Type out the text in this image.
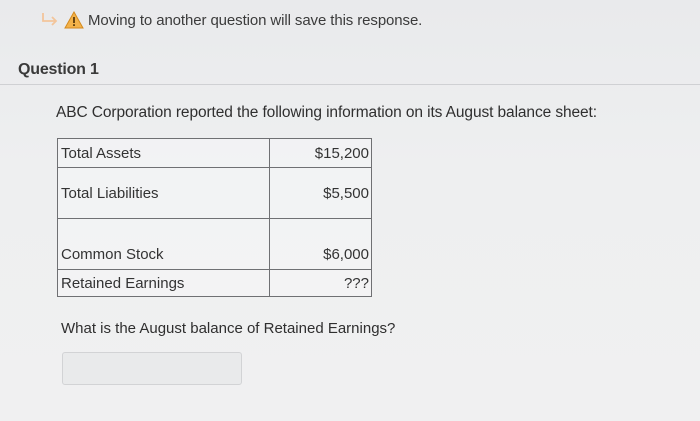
Moving to another question will save this response.
Question 1
ABC Corporation reported the following information on its August balance sheet:
Total Assets	$15,200
Total Liabilities	$5,500
Common Stock	$6,000
Retained Earnings	???
What is the August balance of Retained Earnings?
